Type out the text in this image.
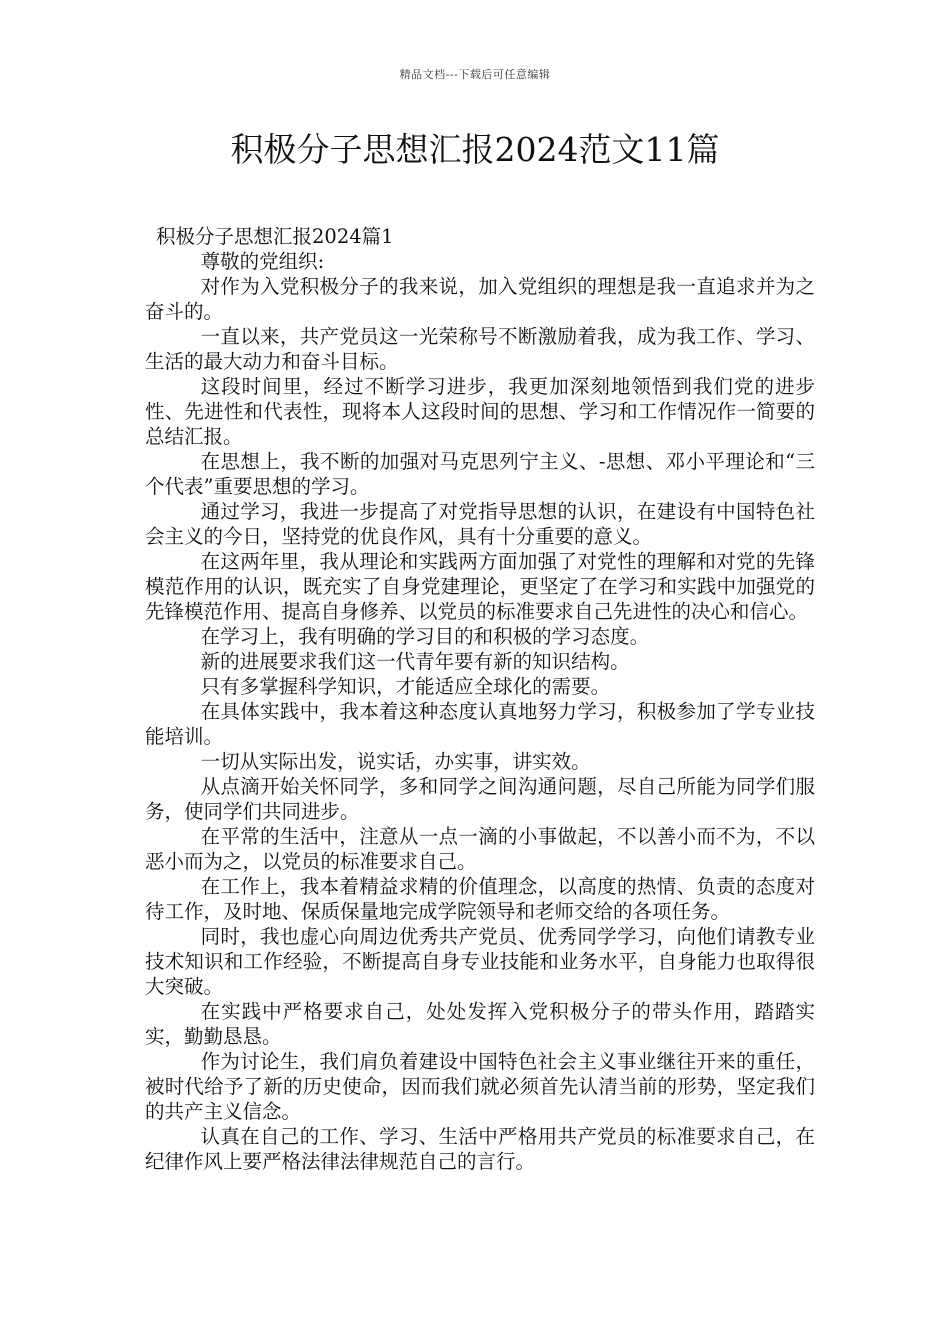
精品文档---下载后可任意编辑
积极分子思想汇报2024范文11篇
积极分子思想汇报2024篇1

尊敬的党组织:

对作为入党积极分子的我来说，加入党组织的理想是我一直追求并为之奋斗的。

一直以来，共产党员这一光荣称号不断激励着我，成为我工作、学习、生活的最大动力和奋斗目标。

这段时间里，经过不断学习进步，我更加深刻地领悟到我们党的进步性、先进性和代表性，现将本人这段时间的思想、学习和工作情况作一简要的总结汇报。

在思想上，我不断的加强对马克思列宁主义、-思想、邓小平理论和“三个代表”重要思想的学习。

通过学习，我进一步提高了对党指导思想的认识，在建设有中国特色社会主义的今日，坚持党的优良作风，具有十分重要的意义。

在这两年里，我从理论和实践两方面加强了对党性的理解和对党的先锋模范作用的认识，既充实了自身党建理论，更坚定了在学习和实践中加强党的先锋模范作用、提高自身修养、以党员的标准要求自己先进性的决心和信心。

在学习上，我有明确的学习目的和积极的学习态度。

新的进展要求我们这一代青年要有新的知识结构。

只有多掌握科学知识，才能适应全球化的需要。

在具体实践中，我本着这种态度认真地努力学习，积极参加了学专业技能培训。

一切从实际出发，说实话，办实事，讲实效。

从点滴开始关怀同学，多和同学之间沟通问题，尽自己所能为同学们服务，使同学们共同进步。

在平常的生活中，注意从一点一滴的小事做起，不以善小而不为，不以恶小而为之，以党员的标准要求自己。

在工作上，我本着精益求精的价值理念，以高度的热情、负责的态度对待工作，及时地、保质保量地完成学院领导和老师交给的各项任务。

同时，我也虚心向周边优秀共产党员、优秀同学学习，向他们请教专业技术知识和工作经验，不断提高自身专业技能和业务水平，自身能力也取得很大突破。

在实践中严格要求自己，处处发挥入党积极分子的带头作用，踏踏实实，勤勤恳恳。

作为讨论生，我们肩负着建设中国特色社会主义事业继往开来的重任，被时代给予了新的历史使命，因而我们就必须首先认清当前的形势，坚定我们的共产主义信念。

认真在自己的工作、学习、生活中严格用共产党员的标准要求自己，在纪律作风上要严格法律法律规范自己的言行。
